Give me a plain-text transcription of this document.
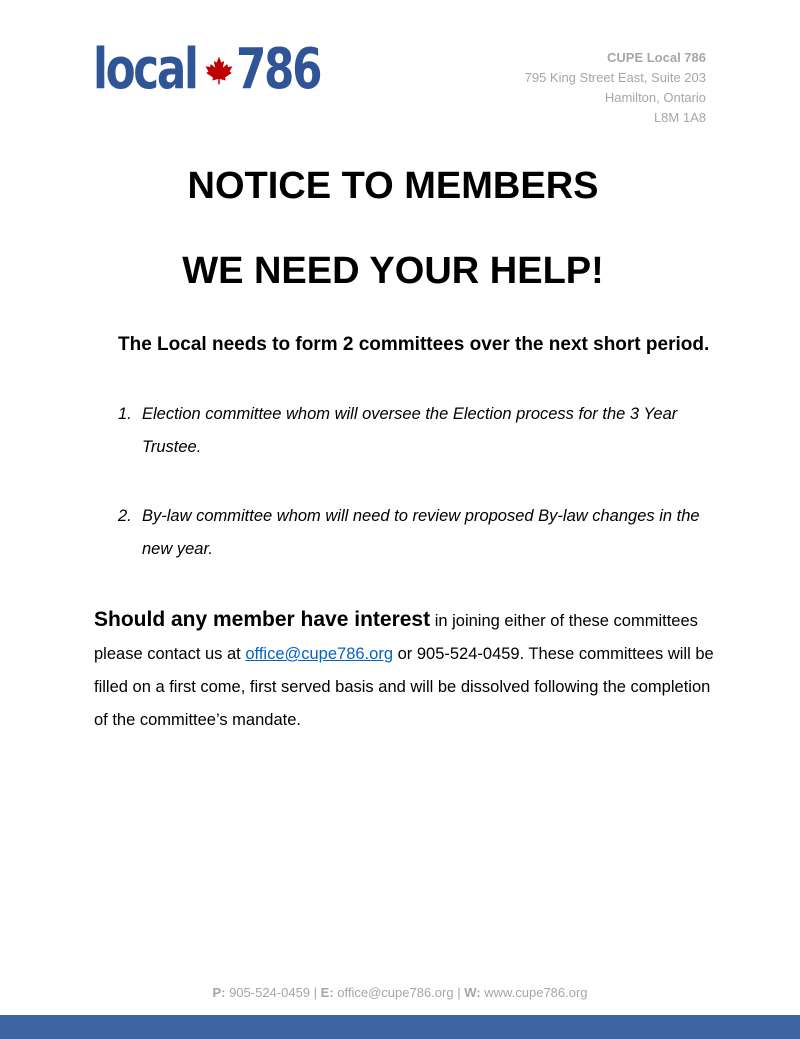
local 786	CUPE Local 786
795 King Street East, Suite 203
Hamilton, Ontario
L8M 1A8
NOTICE TO MEMBERS
WE NEED YOUR HELP!
The Local needs to form 2 committees over the next short period.
1. Election committee whom will oversee the Election process for the 3 Year Trustee.
2. By-law committee whom will need to review proposed By-law changes in the new year.
Should any member have interest in joining either of these committees please contact us at office@cupe786.org or 905-524-0459. These committees will be filled on a first come, first served basis and will be dissolved following the completion of the committee’s mandate.
P: 905-524-0459 | E: office@cupe786.org | W: www.cupe786.org
